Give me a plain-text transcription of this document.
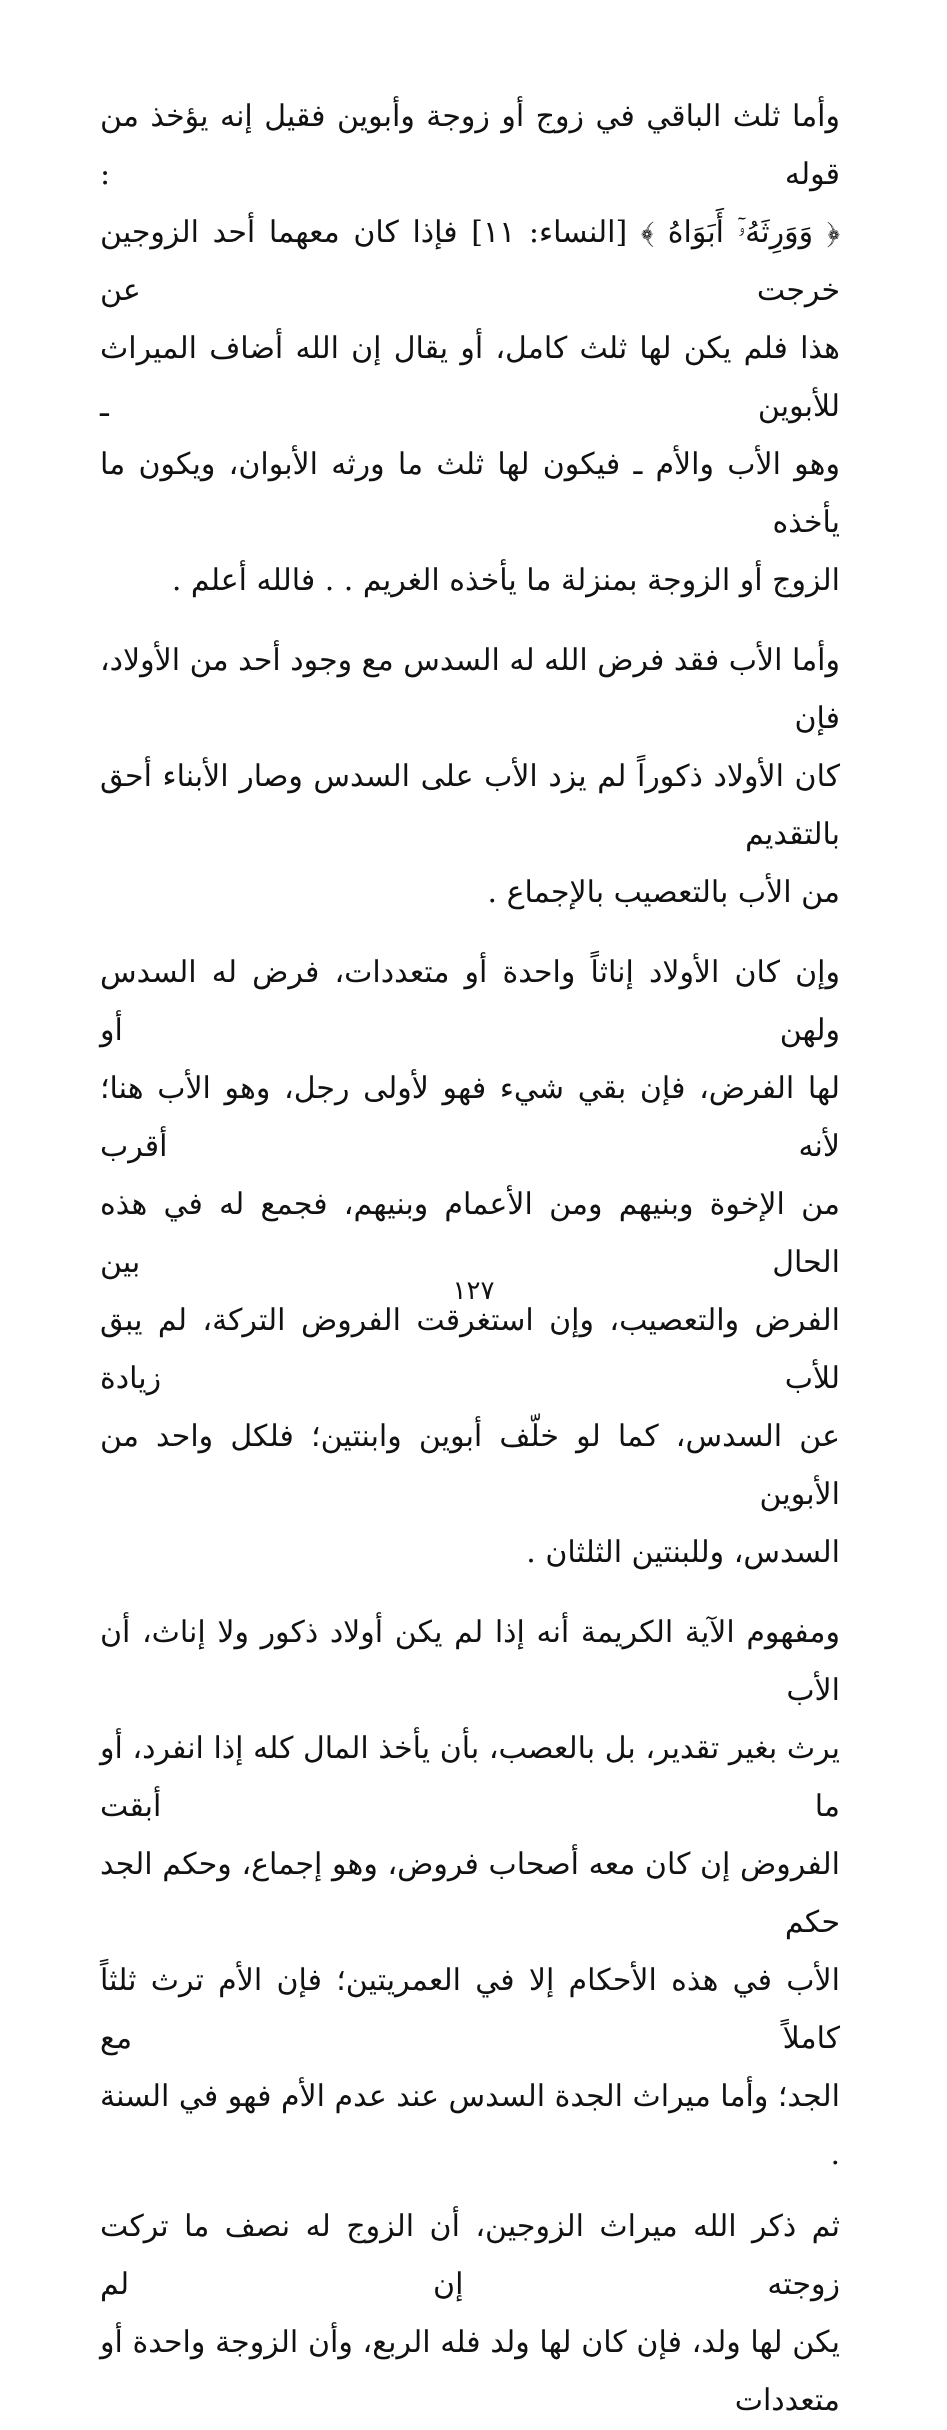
وأما ثلث الباقي في زوج أو زوجة وأبوين فقيل إنه يؤخذ من قوله :
﴿ وَوَرِثَهُۥٓ أَبَوَاهُ ﴾ [النساء: ١١] فإذا كان معهما أحد الزوجين خرجت عن
هذا فلم يكن لها ثلث كامل، أو يقال إن الله أضاف الميراث للأبوين ـ
وهو الأب والأم ـ فيكون لها ثلث ما ورثه الأبوان، ويكون ما يأخذه
الزوج أو الزوجة بمنزلة ما يأخذه الغريم . . فالله أعلم .

وأما الأب فقد فرض الله له السدس مع وجود أحد من الأولاد، فإن
كان الأولاد ذكوراً لم يزد الأب على السدس وصار الأبناء أحق بالتقديم
من الأب بالتعصيب بالإجماع .

وإن كان الأولاد إناثاً واحدة أو متعددات، فرض له السدس ولهن أو
لها الفرض، فإن بقي شيء فهو لأولى رجل، وهو الأب هنا؛ لأنه أقرب
من الإخوة وبنيهم ومن الأعمام وبنيهم، فجمع له في هذه الحال بين
الفرض والتعصيب، وإن استغرقت الفروض التركة، لم يبق للأب زيادة
عن السدس، كما لو خلّف أبوين وابنتين؛ فلكل واحد من الأبوين
السدس، وللبنتين الثلثان .

ومفهوم الآية الكريمة أنه إذا لم يكن أولاد ذكور ولا إناث، أن الأب
يرث بغير تقدير، بل بالعصب، بأن يأخذ المال كله إذا انفرد، أو ما أبقت
الفروض إن كان معه أصحاب فروض، وهو إجماع، وحكم الجد حكم
الأب في هذه الأحكام إلا في العمريتين؛ فإن الأم ترث ثلثاً كاملاً مع
الجد؛ وأما ميراث الجدة السدس عند عدم الأم فهو في السنة .

ثم ذكر الله ميراث الزوجين، أن الزوج له نصف ما تركت زوجته إن لم
يكن لها ولد، فإن كان لها ولد فله الربع، وأن الزوجة واحدة أو متعددات

١٢٧
